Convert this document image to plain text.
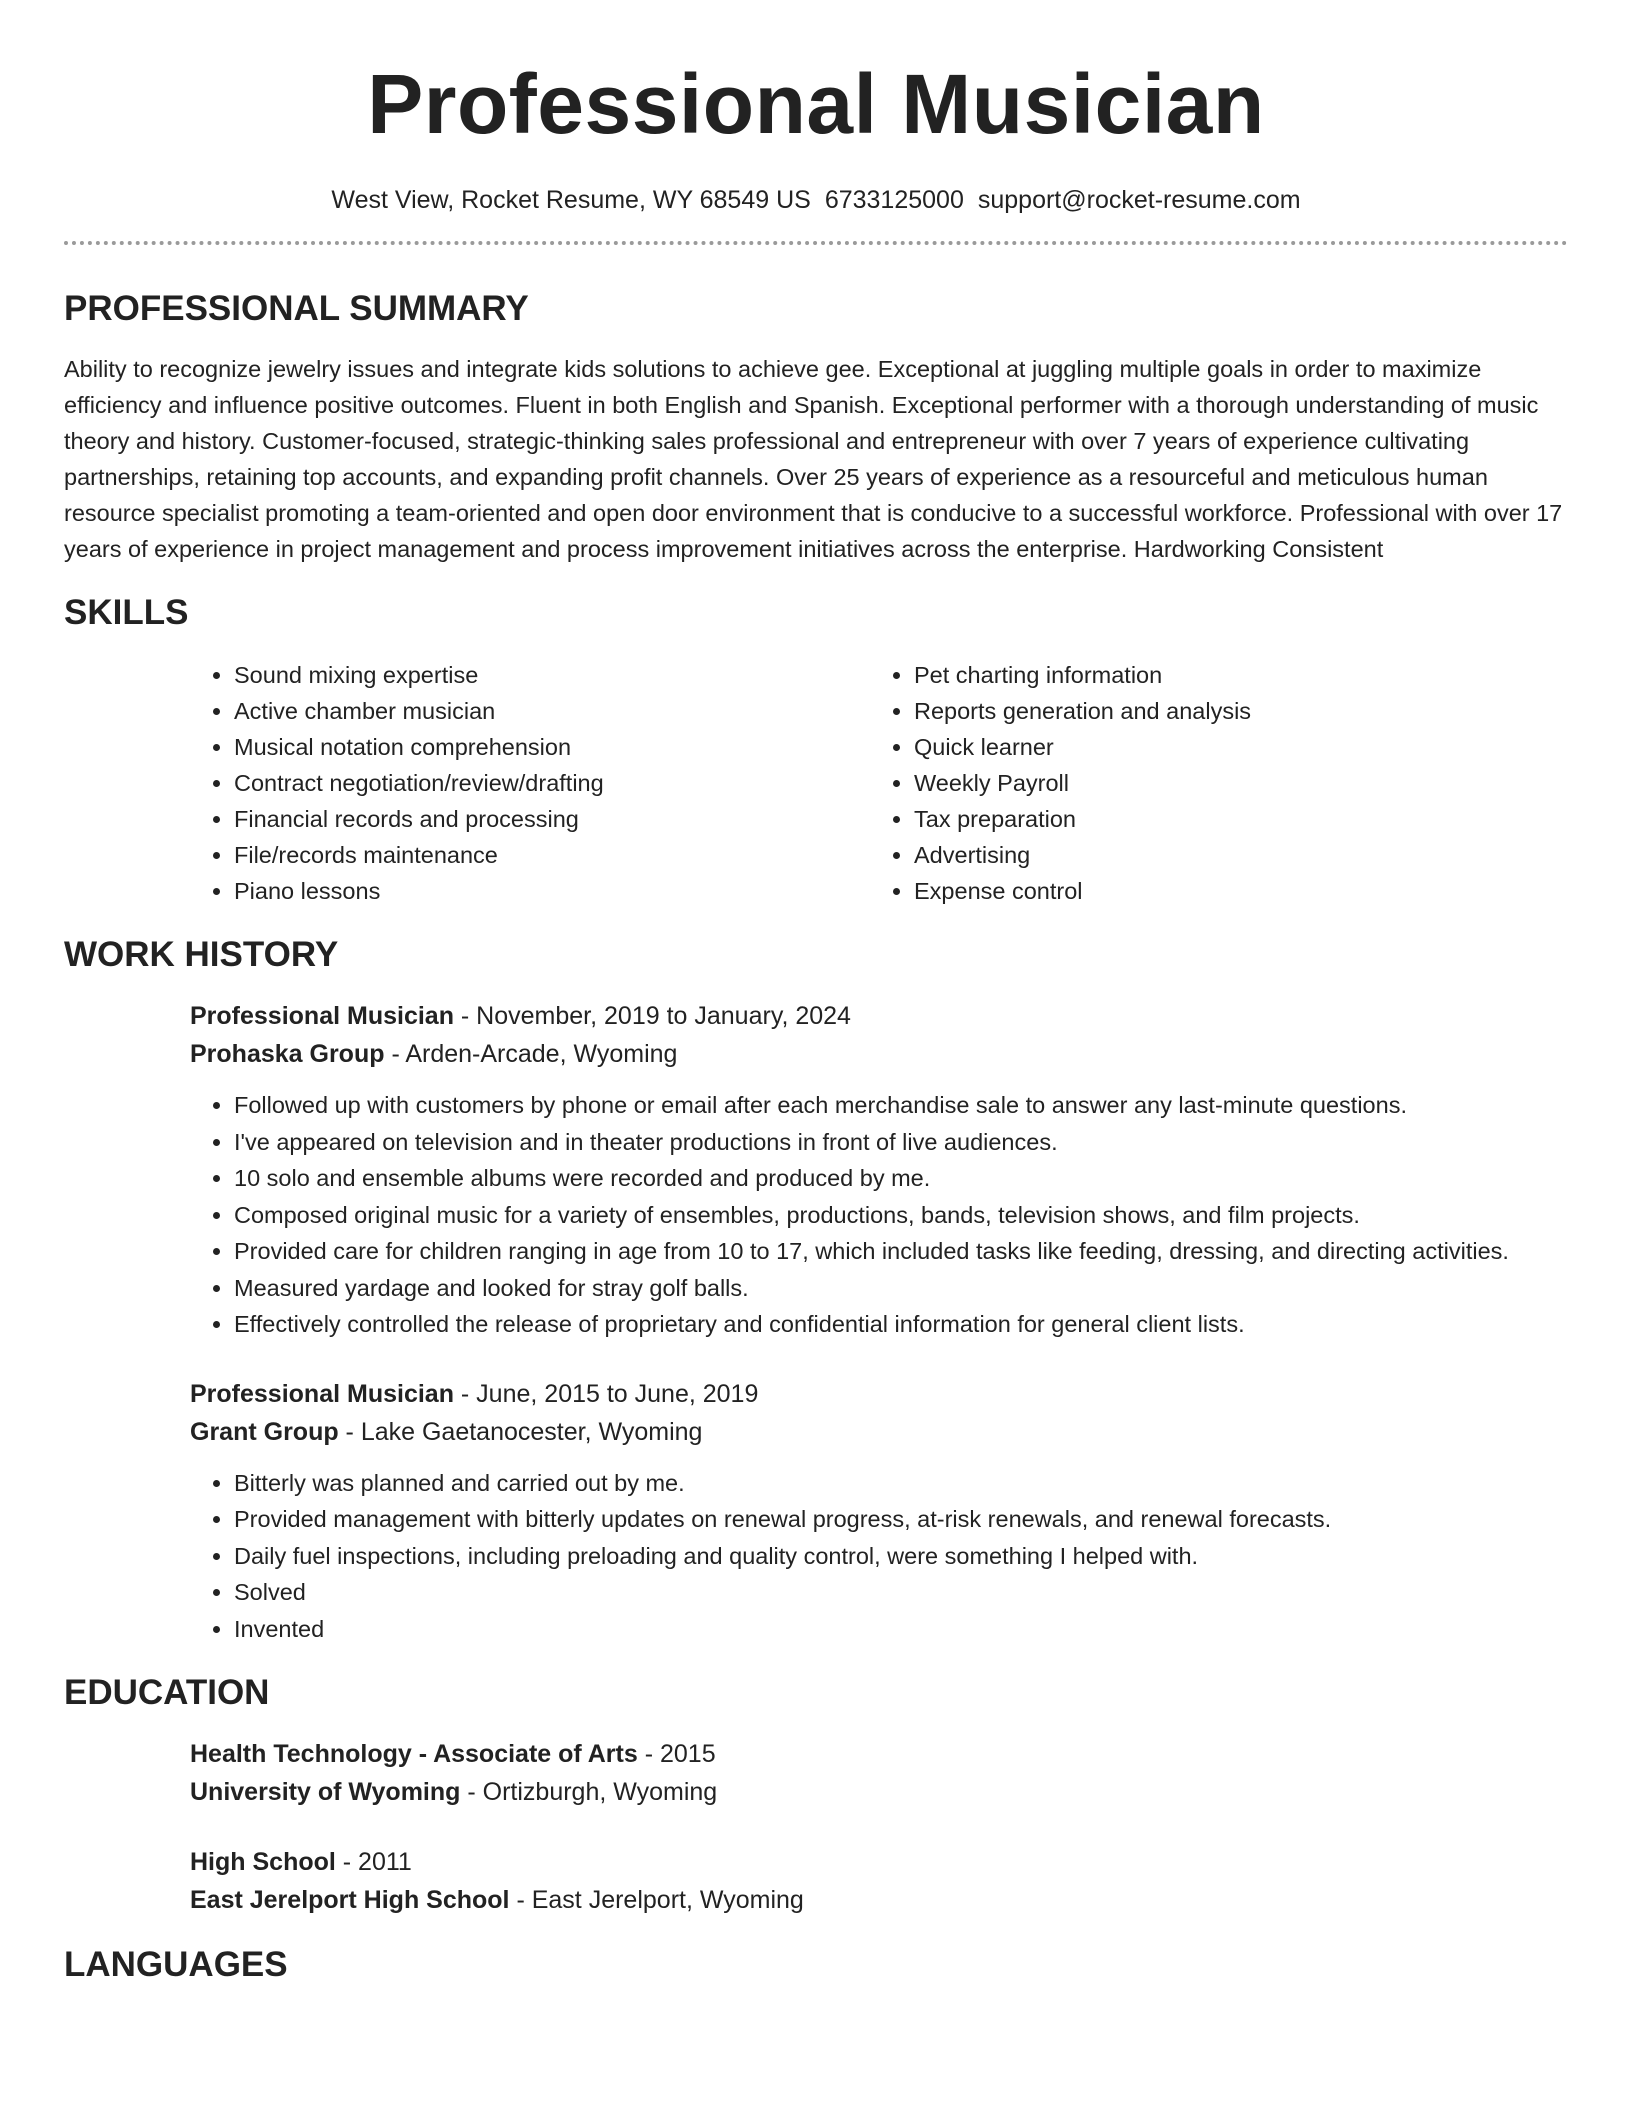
Professional Musician
West View, Rocket Resume, WY 68549 US 6733125000 support@rocket-resume.com
PROFESSIONAL SUMMARY

Ability to recognize jewelry issues and integrate kids solutions to achieve gee. Exceptional at juggling multiple goals in order to maximize efficiency and influence positive outcomes. Fluent in both English and Spanish. Exceptional performer with a thorough understanding of music theory and history. Customer-focused, strategic-thinking sales professional and entrepreneur with over 7 years of experience cultivating partnerships, retaining top accounts, and expanding profit channels. Over 25 years of experience as a resourceful and meticulous human resource specialist promoting a team-oriented and open door environment that is conducive to a successful workforce. Professional with over 17 years of experience in project management and process improvement initiatives across the enterprise. Hardworking Consistent

SKILLS
• Sound mixing expertise
• Active chamber musician
• Musical notation comprehension
• Contract negotiation/review/drafting
• Financial records and processing
• File/records maintenance
• Piano lessons
• Pet charting information
• Reports generation and analysis
• Quick learner
• Weekly Payroll
• Tax preparation
• Advertising
• Expense control
WORK HISTORY

Professional Musician - November, 2019 to January, 2024

Prohaska Group - Arden-Arcade, Wyoming

• Followed up with customers by phone or email after each merchandise sale to answer any last-minute questions.
• I've appeared on television and in theater productions in front of live audiences.
• 10 solo and ensemble albums were recorded and produced by me.
• Composed original music for a variety of ensembles, productions, bands, television shows, and film projects.
• Provided care for children ranging in age from 10 to 17, which included tasks like feeding, dressing, and directing activities.
• Measured yardage and looked for stray golf balls.
• Effectively controlled the release of proprietary and confidential information for general client lists.

Professional Musician - June, 2015 to June, 2019

Grant Group - Lake Gaetanocester, Wyoming

• Bitterly was planned and carried out by me.
• Provided management with bitterly updates on renewal progress, at-risk renewals, and renewal forecasts.
• Daily fuel inspections, including preloading and quality control, were something I helped with.
• Solved
• Invented
EDUCATION

Health Technology - Associate of Arts - 2015

University of Wyoming - Ortizburgh, Wyoming

High School - 2011

East Jerelport High School - East Jerelport, Wyoming

LANGUAGES
